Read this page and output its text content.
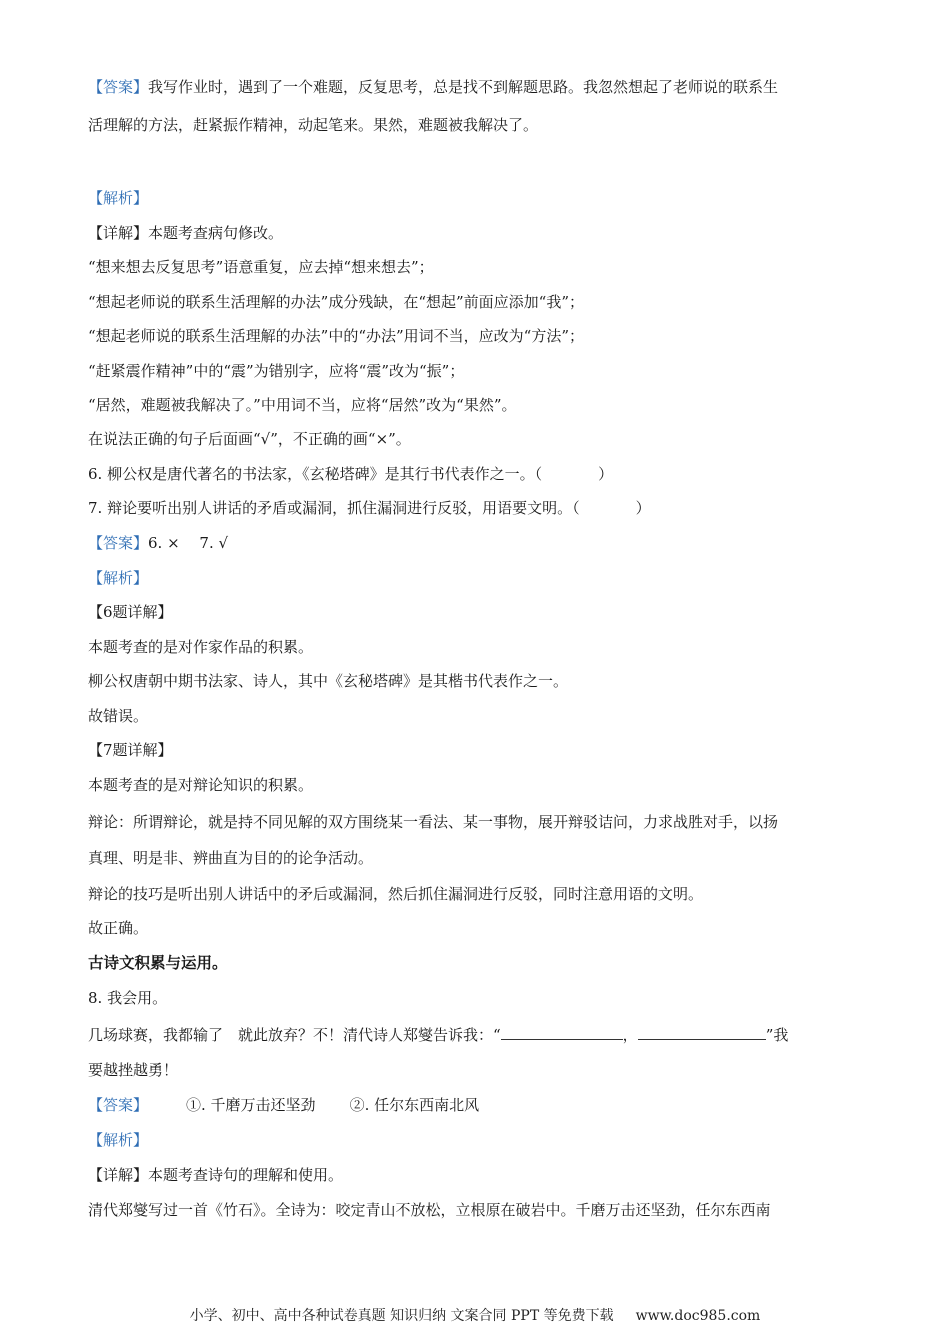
【答案】我写作业时，遇到了一个难题，反复思考，总是找不到解题思路。我忽然想起了老师说的联系生
活理解的方法，赶紧振作精神，动起笔来。果然，难题被我解决了。
【解析】
【详解】本题考查病句修改。
“想来想去反复思考”语意重复，应去掉“想来想去”；
“想起老师说的联系生活理解的办法”成分残缺，在“想起”前面应添加“我”；
“想起老师说的联系生活理解的办法”中的“办法”用词不当，应改为“方法”；
“赶紧震作精神”中的“震”为错别字，应将“震”改为“振”；
“居然，难题被我解决了。”中用词不当，应将“居然”改为“果然”。
在说法正确的句子后面画“√”，不正确的画“×”。
6. 柳公权是唐代著名的书法家，《玄秘塔碑》是其行书代表作之一。（	）
7. 辩论要听出别人讲话的矛盾或漏洞，抓住漏洞进行反驳，用语要文明。（	）
【答案】6. ×　 7. √
【解析】
【6题详解】
本题考查的是对作家作品的积累。
柳公权唐朝中期书法家、诗人，其中《玄秘塔碑》是其楷书代表作之一。
故错误。
【7题详解】
本题考查的是对辩论知识的积累。
辩论：所谓辩论，就是持不同见解的双方围绕某一看法、某一事物，展开辩驳诘问，力求战胜对手，以扬
真理、明是非、辨曲直为目的的论争活动。
辩论的技巧是听出别人讲话中的矛后或漏洞，然后抓住漏洞进行反驳，同时注意用语的文明。
故正确。
古诗文积累与运用。
8. 我会用。
几场球赛，我都输了　就此放弃？不！清代诗人郑燮告诉我：“	，	”我
要越挫越勇！
【答案】	①. 千磨万击还坚劲 ②. 任尔东西南北风
【解析】
【详解】本题考查诗句的理解和使用。
清代郑燮写过一首《竹石》。全诗为：咬定青山不放松，立根原在破岩中。千磨万击还坚劲，任尔东西南
小学、初中、高中各种试卷真题 知识归纳 文案合同 PPT 等免费下载 www.doc985.com
